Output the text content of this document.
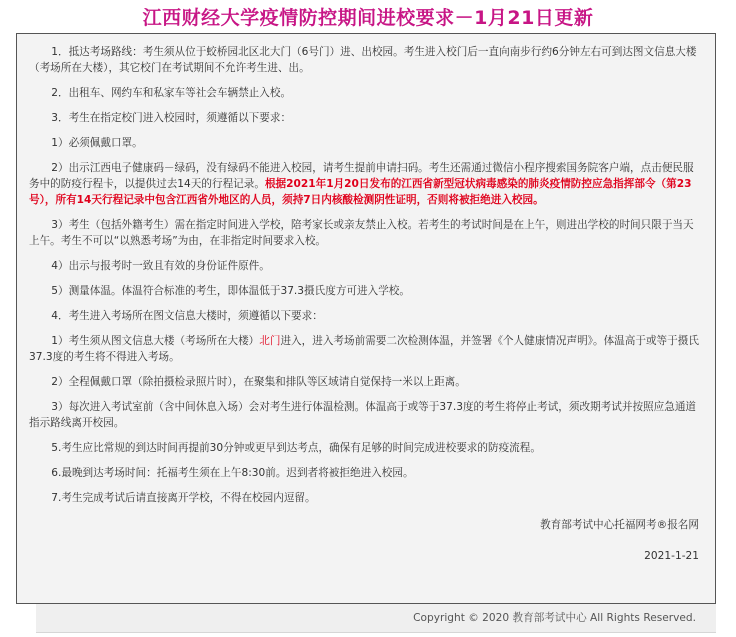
江西财经大学疫情防控期间进校要求－1月21日更新

1．抵达考场路线：考生须从位于蛟桥园北区北大门（6号门）进、出校园。考生进入校门后一直向南步行约6分钟左右可到达图文信息大楼（考场所在大楼），其它校门在考试期间不允许考生进、出。

2．出租车、网约车和私家车等社会车辆禁止入校。

3．考生在指定校门进入校园时，须遵循以下要求：

1）必须佩戴口罩。

2）出示江西电子健康码－绿码，没有绿码不能进入校园，请考生提前申请扫码。考生还需通过微信小程序搜索国务院客户端，点击便民服务中的防疫行程卡，以提供过去14天的行程记录。根据2021年1月20日发布的江西省新型冠状病毒感染的肺炎疫情防控应急指挥部令（第23号），所有14天行程记录中包含江西省外地区的人员，须持7日内核酸检测阴性证明，否则将被拒绝进入校园。

3）考生（包括外籍考生）需在指定时间进入学校，陪考家长或亲友禁止入校。若考生的考试时间是在上午，则进出学校的时间只限于当天上午。考生不可以“以熟悉考场”为由，在非指定时间要求入校。

4）出示与报考时一致且有效的身份证件原件。

5）测量体温。体温符合标准的考生，即体温低于37.3摄氏度方可进入学校。

4．考生进入考场所在图文信息大楼时，须遵循以下要求：

1）考生须从图文信息大楼（考场所在大楼）北门进入，进入考场前需要二次检测体温，并签署《个人健康情况声明》。体温高于或等于摄氏37.3度的考生将不得进入考场。

2）全程佩戴口罩（除拍摄检录照片时），在聚集和排队等区域请自觉保持一米以上距离。

3）每次进入考试室前（含中间休息入场）会对考生进行体温检测。体温高于或等于37.3度的考生将停止考试，须改期考试并按照应急通道指示路线离开校园。

5.考生应比常规的到达时间再提前30分钟或更早到达考点，确保有足够的时间完成进校要求的防疫流程。

6.最晚到达考场时间：托福考生须在上午8:30前。迟到者将被拒绝进入校园。

7.考生完成考试后请直接离开学校，不得在校园内逗留。

教育部考试中心托福网考®报名网
2021-1-21
Copyright © 2020 教育部考试中心 All Rights Reserved.
